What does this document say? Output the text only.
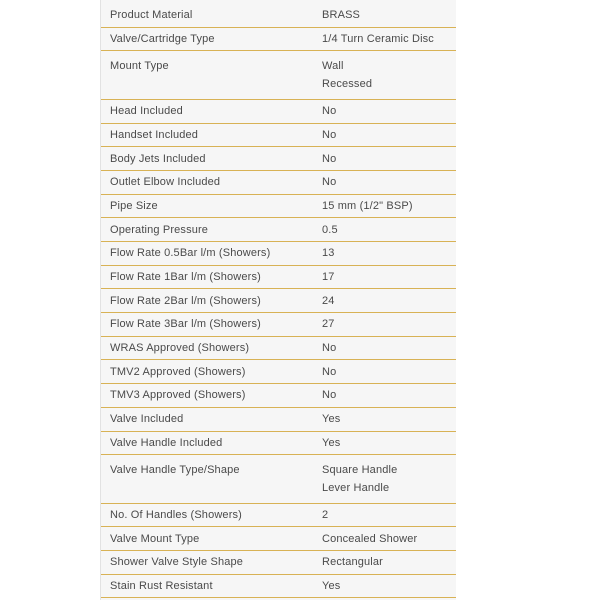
Product Material	BRASS
Valve/Cartridge Type	1/4 Turn Ceramic Disc
Mount Type	Wall
Recessed
Head Included	No
Handset Included	No
Body Jets Included	No
Outlet Elbow Included	No
Pipe Size	15 mm (1/2" BSP)
Operating Pressure	0.5
Flow Rate 0.5Bar l/m (Showers)	13
Flow Rate 1Bar l/m (Showers)	17
Flow Rate 2Bar l/m (Showers)	24
Flow Rate 3Bar l/m (Showers)	27
WRAS Approved (Showers)	No
TMV2 Approved (Showers)	No
TMV3 Approved (Showers)	No
Valve Included	Yes
Valve Handle Included	Yes
Valve Handle Type/Shape	Square Handle
Lever Handle
No. Of Handles (Showers)	2
Valve Mount Type	Concealed Shower
Shower Valve Style Shape	Rectangular
Stain Rust Resistant	Yes
